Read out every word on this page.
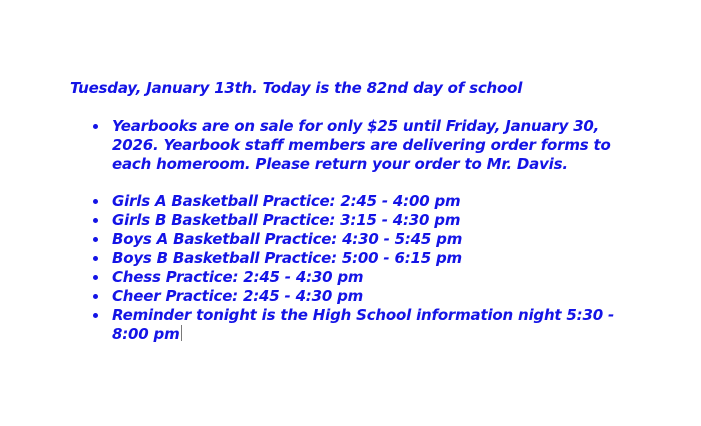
Tuesday, January 13th. Today is the 82nd day of school
Yearbooks are on sale for only $25 until Friday, January 30, 2026. Yearbook staff members are delivering order forms to each homeroom. Please return your order to Mr. Davis.
Girls A Basketball Practice: 2:45 - 4:00 pm
Girls B Basketball Practice: 3:15 - 4:30 pm
Boys A Basketball Practice: 4:30 - 5:45 pm
Boys B Basketball Practice: 5:00 - 6:15 pm
Chess Practice: 2:45 - 4:30 pm
Cheer Practice: 2:45 - 4:30 pm
Reminder tonight is the High School information night 5:30 - 8:00 pm
